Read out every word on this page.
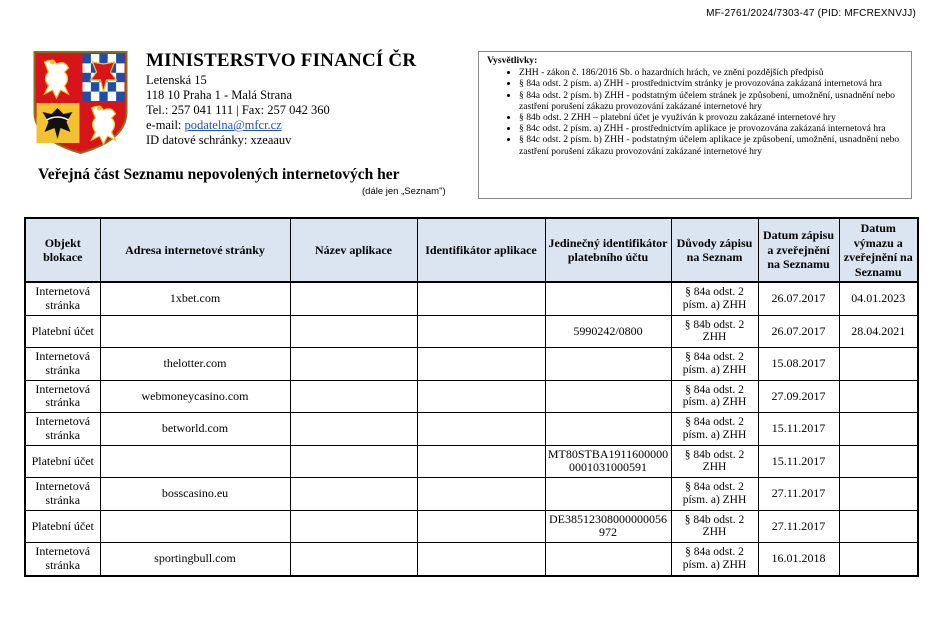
MF-2761/2024/7303-47 (PID: MFCREXNVJJ)
MINISTERSTVO FINANCÍ ČR
Letenská 15
118 10 Praha 1 - Malá Strana
Tel.: 257 041 111 | Fax: 257 042 360
e-mail: podatelna@mfcr.cz
ID datové schránky: xzeaauv
Veřejná část Seznamu nepovolených internetových her
(dále jen „Seznam")
Vysvětlivky:
• ZHH - zákon č. 186/2016 Sb. o hazardních hrách, ve znění pozdějších předpisů
• § 84a odst. 2 písm. a) ZHH - prostřednictvím stránky je provozována zakázaná internetová hra
• § 84a odst. 2 písm. b) ZHH - podstatným účelem stránek je způsobení, umožnění, usnadnění nebo zastření porušení zákazu provozování zakázané internetové hry
• § 84b odst. 2 ZHH – platební účet je využíván k provozu zakázané internetové hry
• § 84c odst. 2 písm. a) ZHH - prostřednictvím aplikace je provozována zakázaná internetová hra
• § 84c odst. 2 písm. b) ZHH - podstatným účelem aplikace je způsobení, umožnění, usnadnění nebo zastření porušení zákazu provozování zakázané internetové hry
Objekt blokace	Adresa internetové stránky	Název aplikace	Identifikátor aplikace	Jedinečný identifikátor platebního účtu	Důvody zápisu na Seznam	Datum zápisu a zveřejnění na Seznamu	Datum výmazu a zveřejnění na Seznamu
Internetová stránka	1xbet.com				§ 84a odst. 2 písm. a) ZHH	26.07.2017	04.01.2023
Platební účet				5990242/0800	§ 84b odst. 2 ZHH	26.07.2017	28.04.2021
Internetová stránka	thelotter.com				§ 84a odst. 2 písm. a) ZHH	15.08.2017	
Internetová stránka	webmoneycasino.com				§ 84a odst. 2 písm. a) ZHH	27.09.2017	
Internetová stránka	betworld.com				§ 84a odst. 2 písm. a) ZHH	15.11.2017	
Platební účet				MT80STBA19116000000001031000591	§ 84b odst. 2 ZHH	15.11.2017	
Internetová stránka	bosscasino.eu				§ 84a odst. 2 písm. a) ZHH	27.11.2017	
Platební účet				DE38512308000000056972	§ 84b odst. 2 ZHH	27.11.2017	
Internetová stránka	sportingbull.com				§ 84a odst. 2 písm. a) ZHH	16.01.2018	
